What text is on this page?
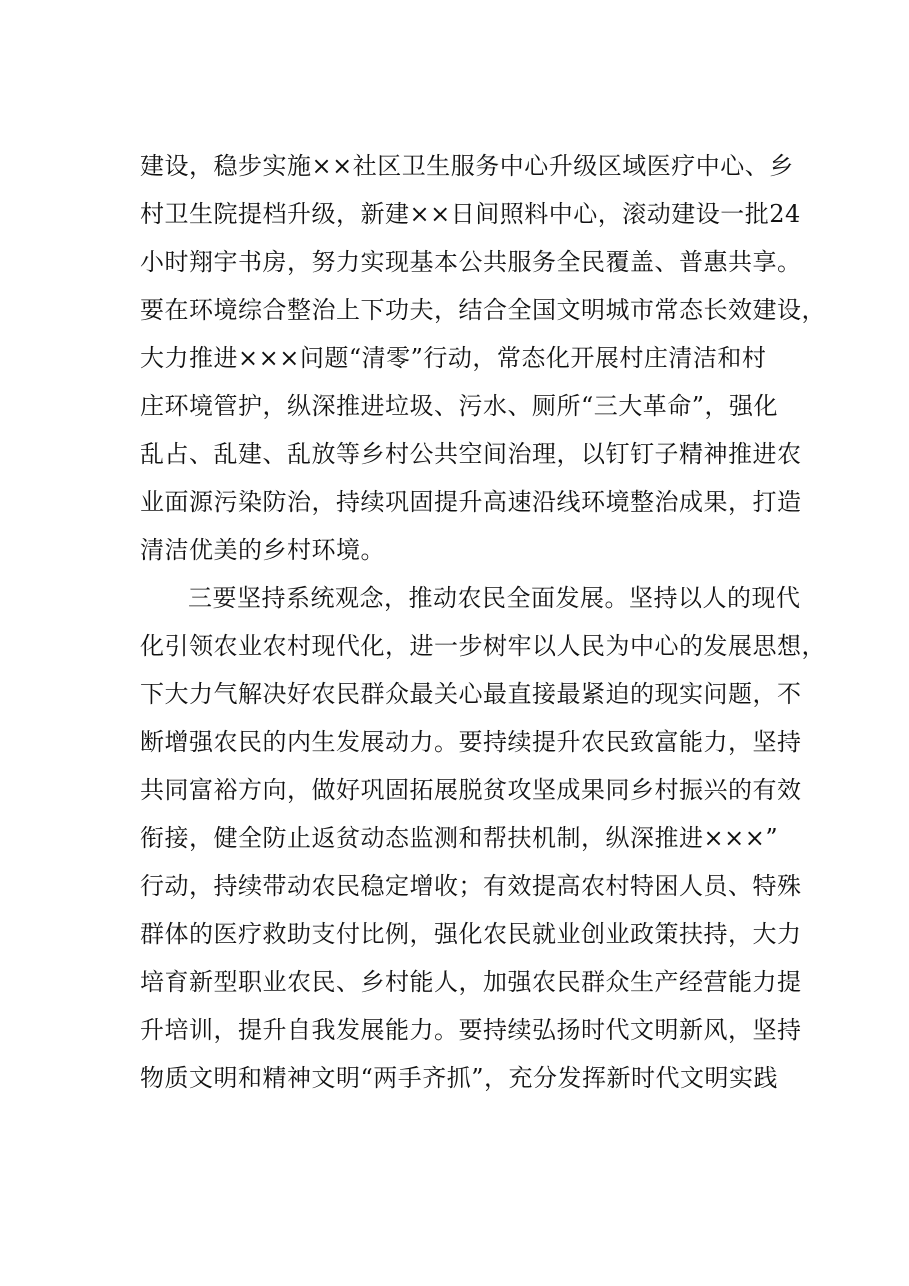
建设，稳步实施××社区卫生服务中心升级区域医疗中心、乡
村卫生院提档升级，新建××日间照料中心，滚动建设一批24
小时翔宇书房，努力实现基本公共服务全民覆盖、普惠共享。
要在环境综合整治上下功夫，结合全国文明城市常态长效建设，
大力推进×××问题“清零”行动，常态化开展村庄清洁和村
庄环境管护，纵深推进垃圾、污水、厕所“三大革命”，强化
乱占、乱建、乱放等乡村公共空间治理，以钉钉子精神推进农
业面源污染防治，持续巩固提升高速沿线环境整治成果，打造
清洁优美的乡村环境。
三要坚持系统观念，推动农民全面发展。坚持以人的现代
化引领农业农村现代化，进一步树牢以人民为中心的发展思想，
下大力气解决好农民群众最关心最直接最紧迫的现实问题，不
断增强农民的内生发展动力。要持续提升农民致富能力，坚持
共同富裕方向，做好巩固拓展脱贫攻坚成果同乡村振兴的有效
衔接，健全防止返贫动态监测和帮扶机制，纵深推进×××”
行动，持续带动农民稳定增收；有效提高农村特困人员、特殊
群体的医疗救助支付比例，强化农民就业创业政策扶持，大力
培育新型职业农民、乡村能人，加强农民群众生产经营能力提
升培训，提升自我发展能力。要持续弘扬时代文明新风，坚持
物质文明和精神文明“两手齐抓”，充分发挥新时代文明实践
